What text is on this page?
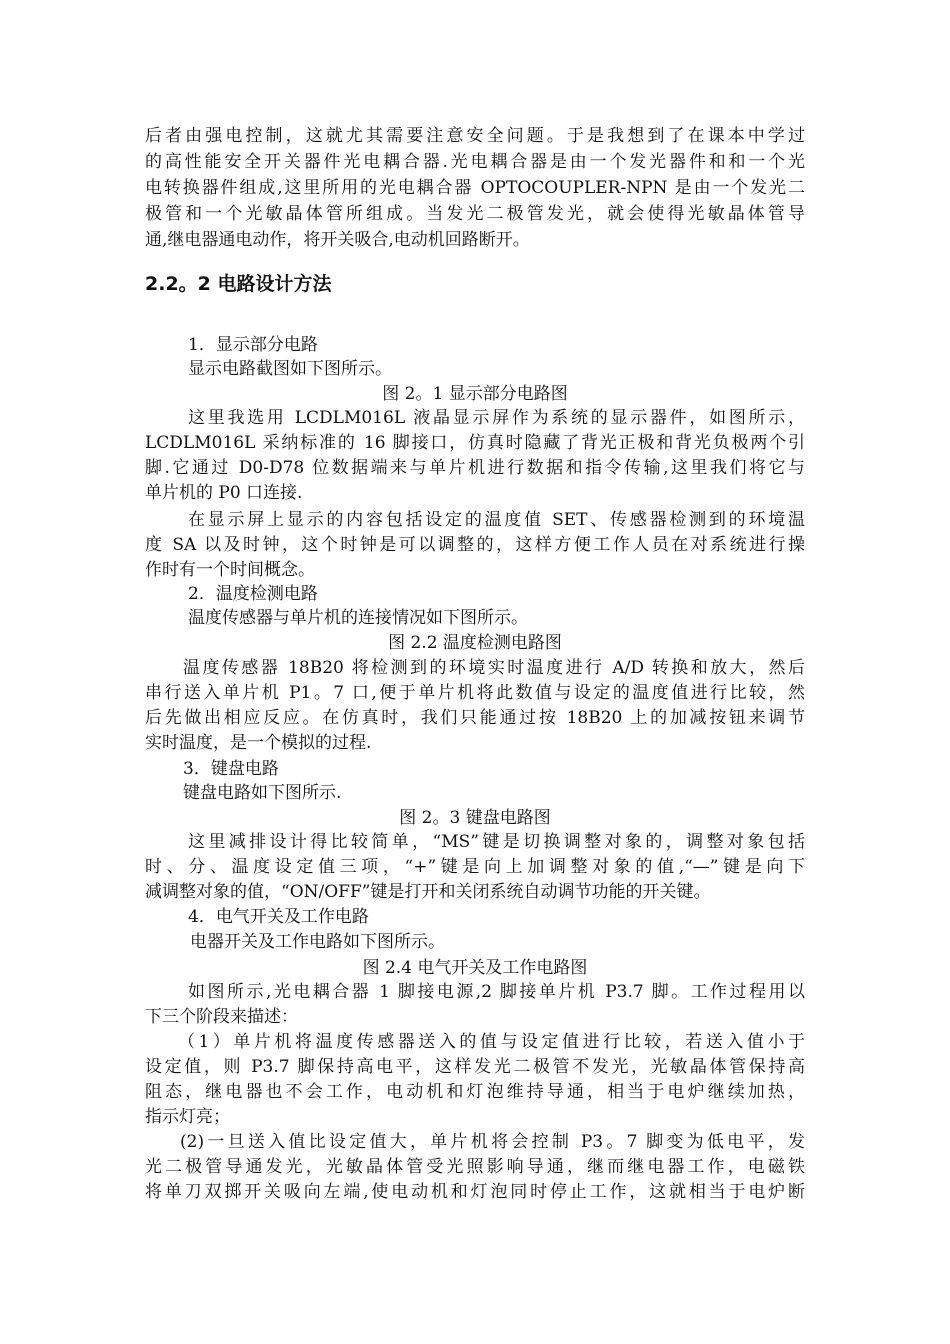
后者由强电控制，这就尤其需要注意安全问题。于是我想到了在课本中学过
的高性能安全开关器件光电耦合器.光电耦合器是由一个发光器件和和一个光
电转换器件组成,这里所用的光电耦合器 OPTOCOUPLER-NPN 是由一个发光二
极管和一个光敏晶体管所组成。当发光二极管发光，就会使得光敏晶体管导
通,继电器通电动作，将开关吸合,电动机回路断开。
2.2。2 电路设计方法
1．显示部分电路
显示电路截图如下图所示。
图 2。1 显示部分电路图
这里我选用 LCDLM016L 液晶显示屏作为系统的显示器件，如图所示，
LCDLM016L 采纳标准的 16 脚接口，仿真时隐藏了背光正极和背光负极两个引
脚.它通过 D0-D78 位数据端来与单片机进行数据和指令传输,这里我们将它与
单片机的 P0 口连接.
在显示屏上显示的内容包括设定的温度值 SET、传感器检测到的环境温
度 SA 以及时钟，这个时钟是可以调整的，这样方便工作人员在对系统进行操
作时有一个时间概念。
2．温度检测电路
温度传感器与单片机的连接情况如下图所示。
图 2.2 温度检测电路图
温度传感器 18B20 将检测到的环境实时温度进行 A/D 转换和放大，然后
串行送入单片机 P1。7 口,便于单片机将此数值与设定的温度值进行比较，然
后先做出相应反应。在仿真时，我们只能通过按 18B20 上的加减按钮来调节
实时温度，是一个模拟的过程.
3．键盘电路
键盘电路如下图所示.
图 2。3 键盘电路图
这里减排设计得比较简单，“MS”键是切换调整对象的，调整对象包括
时、分、温度设定值三项，“+”键是向上加调整对象的值,“—”键是向下
减调整对象的值，“ON/OFF”键是打开和关闭系统自动调节功能的开关键。
4．电气开关及工作电路
电器开关及工作电路如下图所示。
图 2.4 电气开关及工作电路图
如图所示,光电耦合器 1 脚接电源,2 脚接单片机 P3.7 脚。工作过程用以
下三个阶段来描述：
（1）单片机将温度传感器送入的值与设定值进行比较，若送入值小于
设定值，则 P3.7 脚保持高电平，这样发光二极管不发光，光敏晶体管保持高
阻态，继电器也不会工作，电动机和灯泡维持导通，相当于电炉继续加热，
指示灯亮；
(2)一旦送入值比设定值大，单片机将会控制 P3。7 脚变为低电平，发
光二极管导通发光，光敏晶体管受光照影响导通，继而继电器工作，电磁铁
将单刀双掷开关吸向左端,使电动机和灯泡同时停止工作，这就相当于电炉断
